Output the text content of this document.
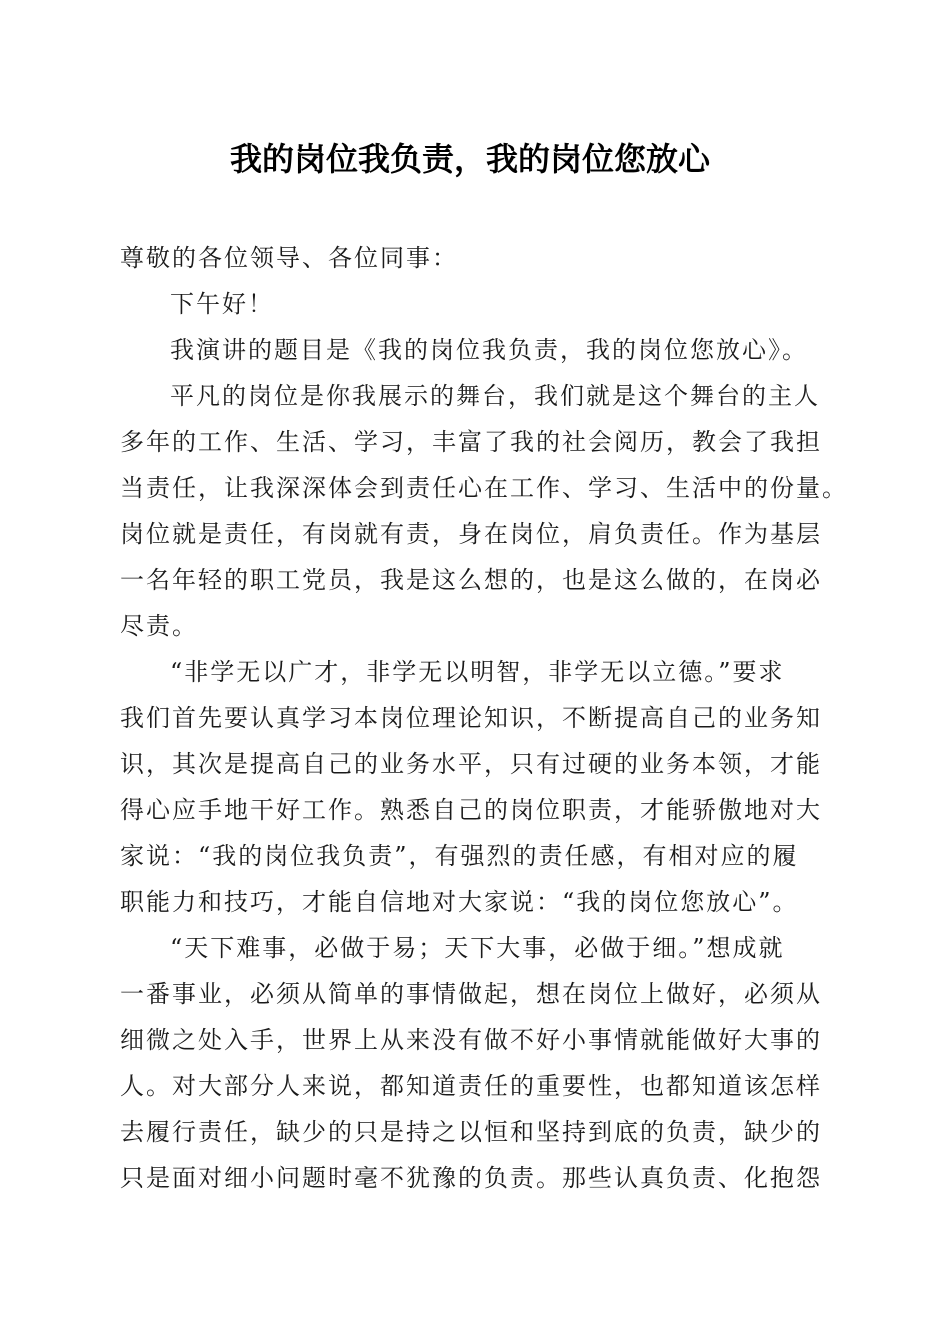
我的岗位我负责，我的岗位您放心
尊敬的各位领导、各位同事：
下午好！
我演讲的题目是《我的岗位我负责，我的岗位您放心》。
平凡的岗位是你我展示的舞台，我们就是这个舞台的主人
多年的工作、生活、学习，丰富了我的社会阅历，教会了我担
当责任，让我深深体会到责任心在工作、学习、生活中的份量。
岗位就是责任，有岗就有责，身在岗位，肩负责任。作为基层
一名年轻的职工党员，我是这么想的，也是这么做的，在岗必
尽责。
“非学无以广才，非学无以明智，非学无以立德。”要求
我们首先要认真学习本岗位理论知识，不断提高自己的业务知
识，其次是提高自己的业务水平，只有过硬的业务本领，才能
得心应手地干好工作。熟悉自己的岗位职责，才能骄傲地对大
家说：“我的岗位我负责”，有强烈的责任感，有相对应的履
职能力和技巧，才能自信地对大家说：“我的岗位您放心”。
“天下难事，必做于易；天下大事，必做于细。”想成就
一番事业，必须从简单的事情做起，想在岗位上做好，必须从
细微之处入手，世界上从来没有做不好小事情就能做好大事的
人。对大部分人来说，都知道责任的重要性，也都知道该怎样
去履行责任，缺少的只是持之以恒和坚持到底的负责，缺少的
只是面对细小问题时毫不犹豫的负责。那些认真负责、化抱怨
